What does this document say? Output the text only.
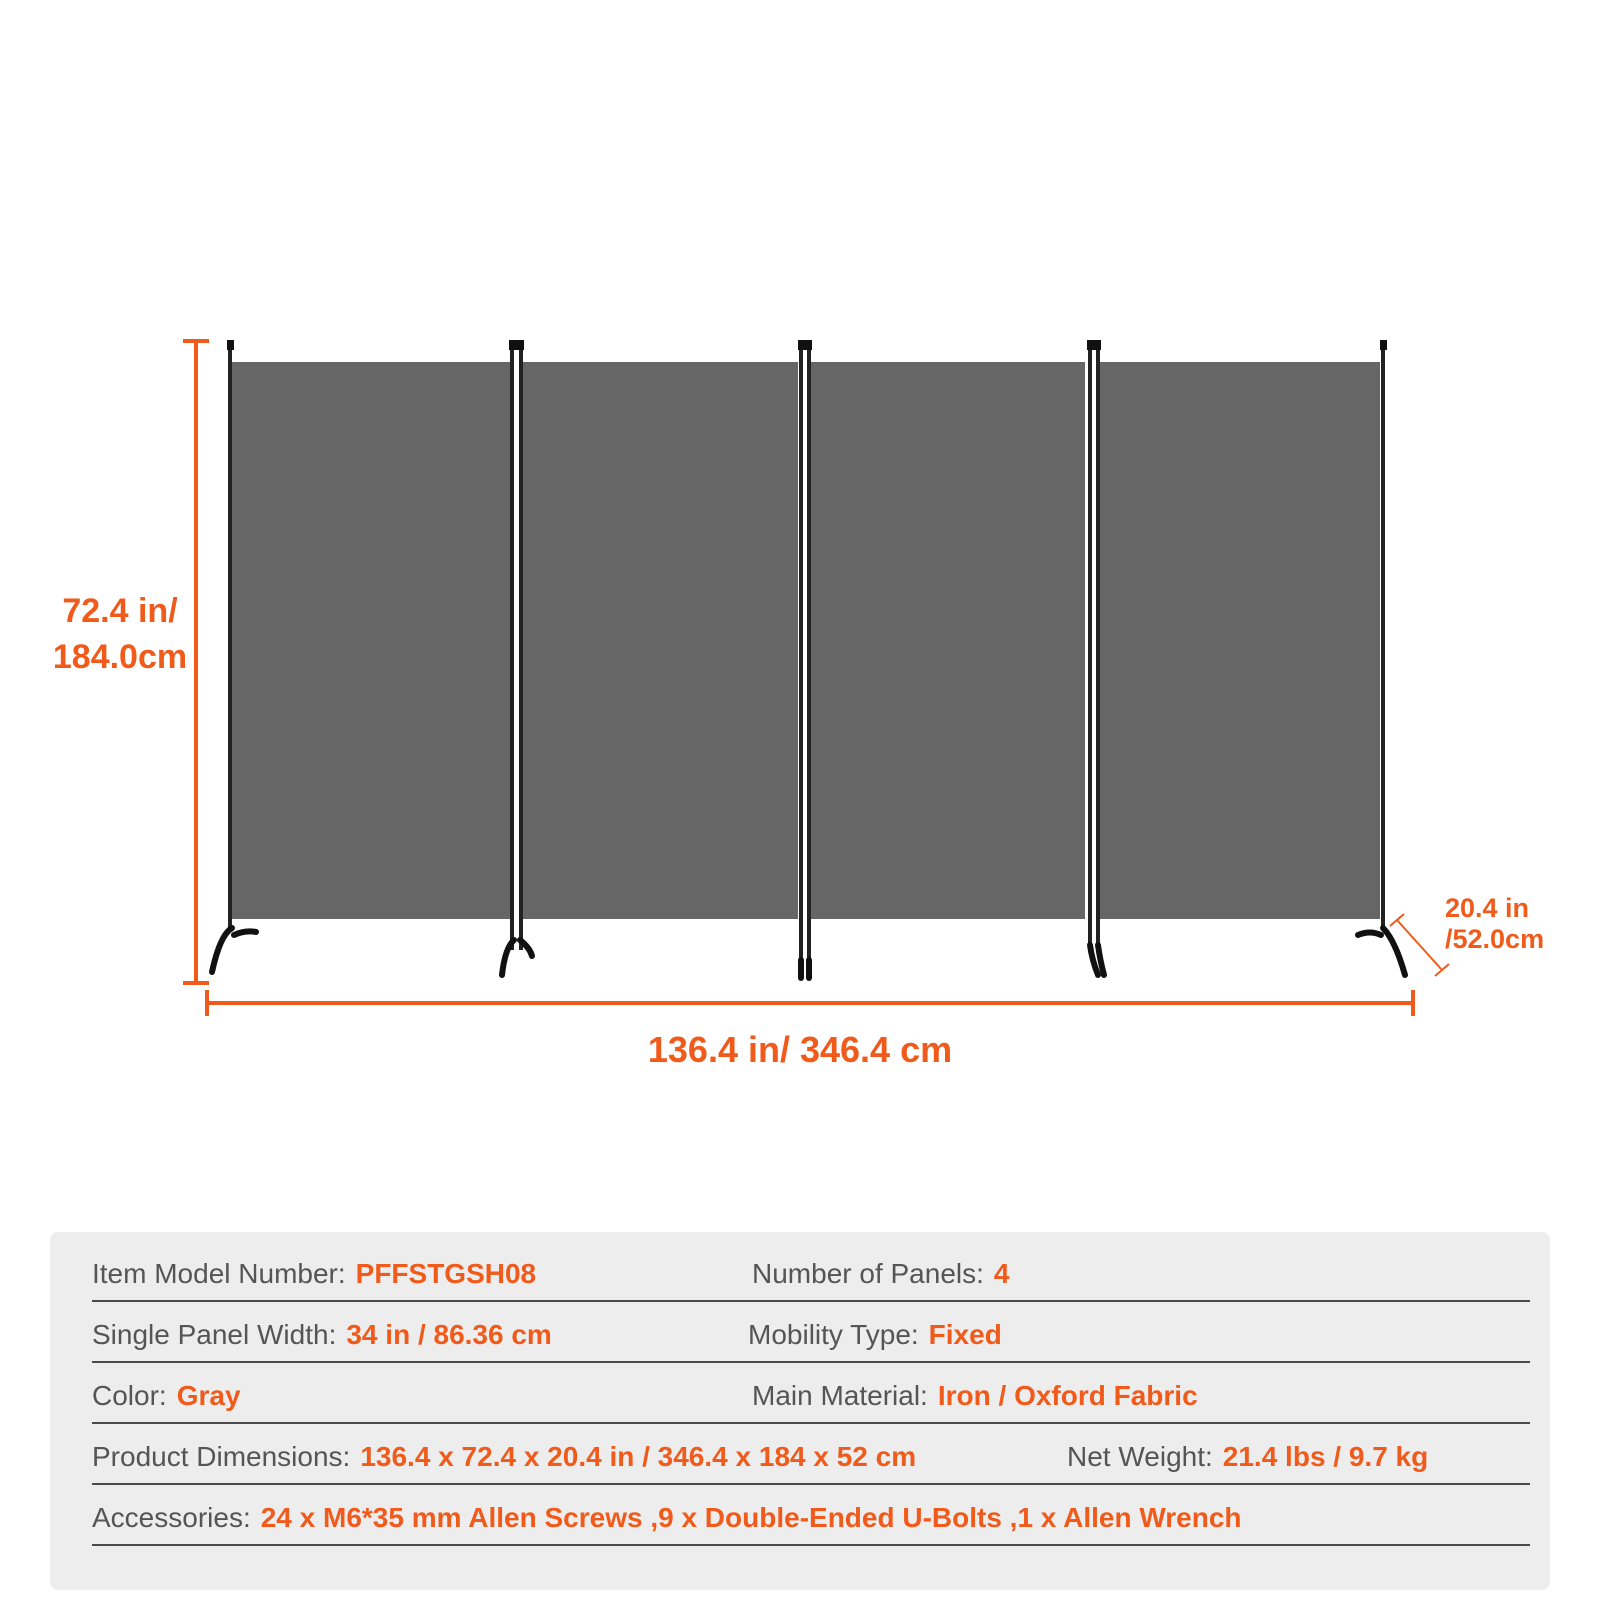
72.4 in/
184.0cm
136.4 in/ 346.4 cm
20.4 in
/52.0cm
Item Model Number: PFFSTGSH08	Number of Panels: 4
Single Panel Width: 34 in / 86.36 cm	Mobility Type: Fixed
Color: Gray	Main Material: Iron / Oxford Fabric
Product Dimensions: 136.4 x 72.4 x 20.4 in / 346.4 x 184 x 52 cm	Net Weight: 21.4 lbs / 9.7 kg
Accessories: 24 x M6*35 mm Allen Screws ,9 x Double-Ended U-Bolts ,1 x Allen Wrench
